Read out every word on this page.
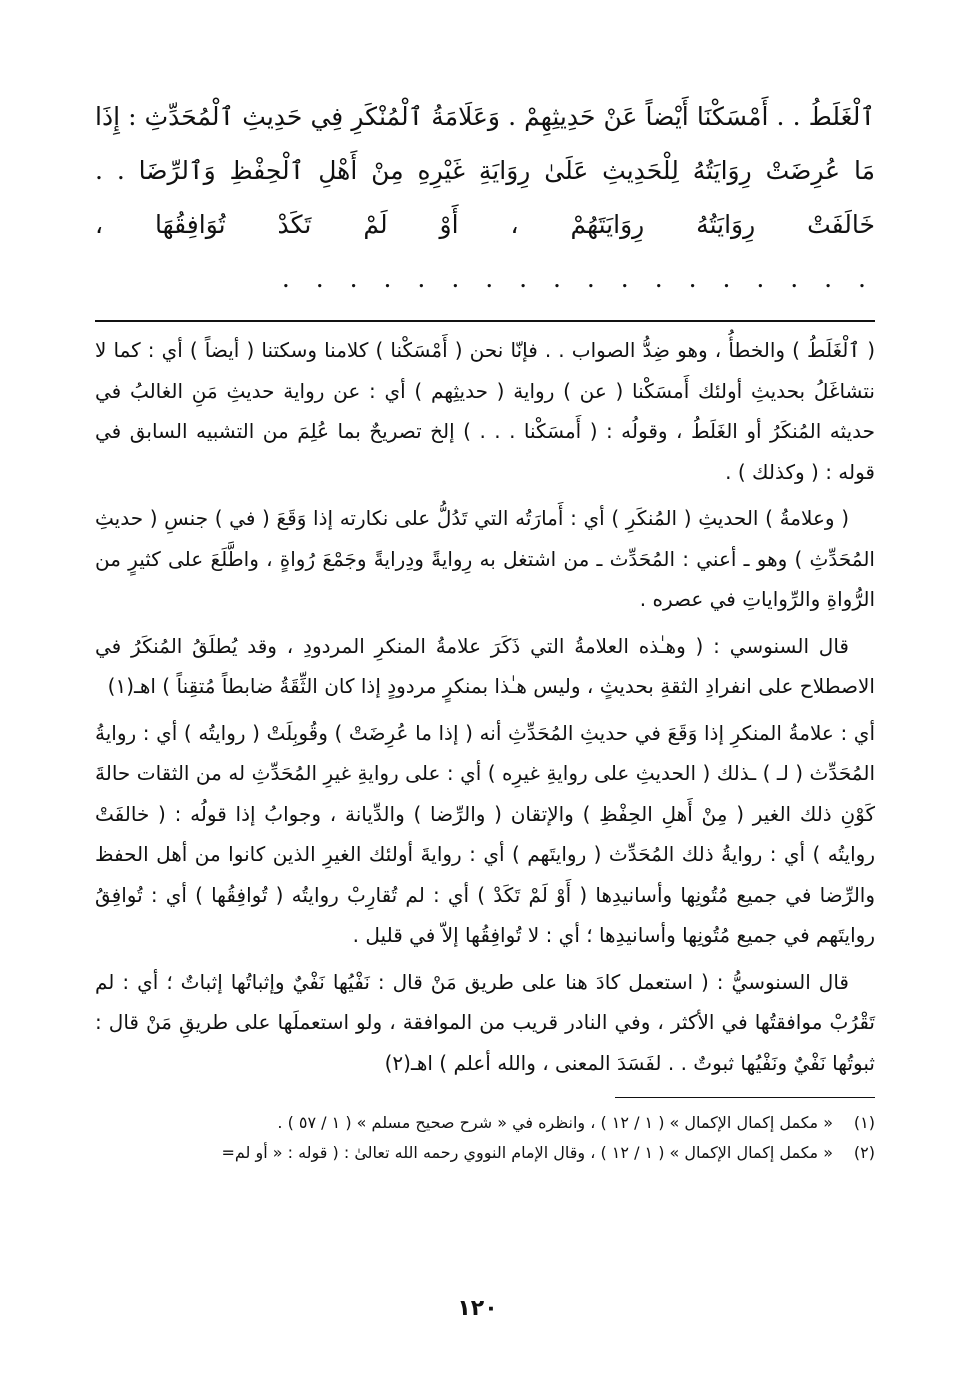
ٱلْغَلَطُ . . أَمْسَكْنَا أَيْضاً عَنْ حَدِيثِهِمْ . وَعَلَامَةُ ٱلْمُنْكَرِ فِي حَدِيثِ ٱلْمُحَدِّثِ : إِذَا مَا عُرِضَتْ رِوَايَتُهُ لِلْحَدِيثِ عَلَىٰ رِوَايَةِ غَيْرِهِ مِنْ أَهْلِ ٱلْحِفْظِ وَٱلرِّضَا . . خَالَفَتْ رِوَايَتُهُ رِوَايَتَهُمْ ، أَوْ لَمْ تَكَدْ تُوَافِقُهَا ، . . . . . . . . . . . . . . . . . .

( ٱلْغَلَطُ ) والخطأُ ، وهو ضِدُّ الصواب . . فإنّا نحن ( أَمْسَكْنا ) كلامنا وسكتنا ( أيضاً ) أي : كما لا نتشاغَلُ بحديثِ أولئك أَمسَكْنا ( عن ) رواية ( حديثِهم ) أي : عن رواية حديثِ مَنِ الغالبُ في حديثه المُنكَرُ أو الغَلَطُ ، وقولُه : ( أَمسَكْنا . . . ) إلخ تصريحٌ بما عُلِمَ من التشبيه السابق في قوله : ( وكذلك ) .

( وعلامةُ ) الحديثِ ( المُنكَرِ ) أي : أَمارَتُه التي تَدُلُّ على نكارته إذا وَقَعَ ( في ) جنسِ ( حديثِ المُحَدِّثِ ) وهو ـ أعني : المُحَدِّث ـ من اشتغل به رِوايةً ودِرايةً وجَمْعَ رُواةٍ ، واطَّلَعَ على كثيرٍ من الرُّواةِ والرِّواياتِ في عصره .

قال السنوسي : ( وهـٰذه العلامةُ التي ذَكَرَ علامةُ المنكرِ المردودِ ، وقد يُطلَقُ المُنكَرُ في الاصطلاح على انفرادِ الثقةِ بحديثٍ ، وليس هـٰذا بمنكرٍ مردودٍ إذا كان الثِّقَةُ ضابطاً مُتقِناً ) اهـ(١)

أي : علامةُ المنكرِ إذا وَقَعَ في حديثِ المُحَدِّثِ أنه ( إذا ما عُرِضَتْ ) وقُوبِلَتْ ( روايتُه ) أي : روايةُ المُحَدِّث ( لـ ) ـذلك ( الحديثِ على روايةِ غيرِه ) أي : على روايةِ غيرِ المُحَدِّثِ له من الثقات حالةَ كَوْنِ ذلك الغير ( مِنْ أَهلِ الحِفْظِ ) والإتقان ( والرِّضا ) والدِّيانة ، وجوابُ إذا قولُه : ( خالفَتْ روايتُه ) أي : روايةُ ذلك المُحَدِّث ( روايتَهم ) أي : روايةَ أولئك الغيرِ الذين كانوا من أهل الحفظ والرِّضا في جميع مُتُونِها وأسانيدِها ( أَوْ لَمْ تَكَدْ ) أي : لم تُقارِبْ روايتُه ( تُوافِقُها ) أي : تُوافِقُ روايتَهم في جميع مُتُونِها وأسانيدِها ؛ أي : لا تُوافِقُها إلاّ في قليل .

قال السنوسيُّ : ( استعمل كادَ هنا على طريق مَنْ قال : نَفْيُها نَفْيٌ وإثباتُها إثباتٌ ؛ أي : لم تَقْرُبْ موافقتُها في الأكثر ، وفي النادر قريب من الموافقة ، ولو استعملَها على طريقِ مَنْ قال : ثبوتُها نَفْيٌ ونَفْيُها ثبوتٌ . . لفَسَدَ المعنى ، والله أعلم ) اهـ(٢)

(١)
« مكمل إكمال الإكمال » ( ١ / ١٢ ) ، وانظره في « شرح صحيح مسلم » ( ١ / ٥٧ ) .
(٢)
« مكمل إكمال الإكمال » ( ١ / ١٢ ) ، وقال الإمام النووي رحمه الله تعالىٰ : ( قوله : « أو لم=
١٢٠
